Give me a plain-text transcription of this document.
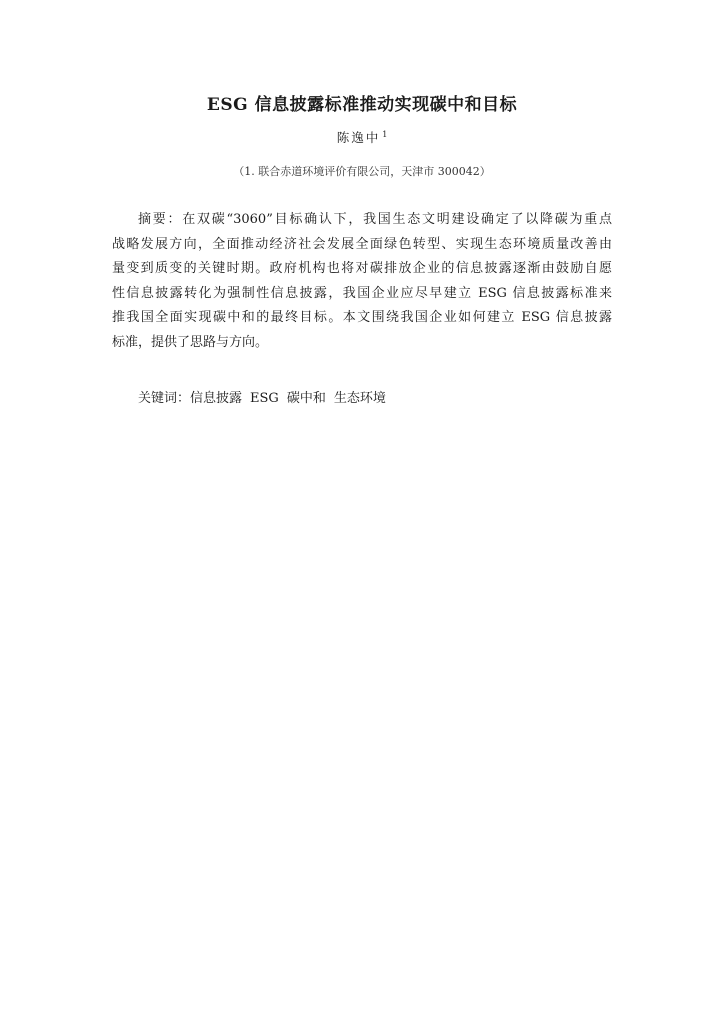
ESG 信息披露标准推动实现碳中和目标
陈逸中 $^1$
（1. 联合赤道环境评价有限公司，天津市 300042）
摘要：在双碳“3060”目标确认下，我国生态文明建设确定了以降碳为重点
战略发展方向，全面推动经济社会发展全面绿色转型、实现生态环境质量改善由
量变到质变的关键时期。政府机构也将对碳排放企业的信息披露逐渐由鼓励自愿
性信息披露转化为强制性信息披露，我国企业应尽早建立 ESG 信息披露标准来
推我国全面实现碳中和的最终目标。本文围绕我国企业如何建立 ESG 信息披露
标准，提供了思路与方向。
关键词：信息披露 ESG 碳中和 生态环境
